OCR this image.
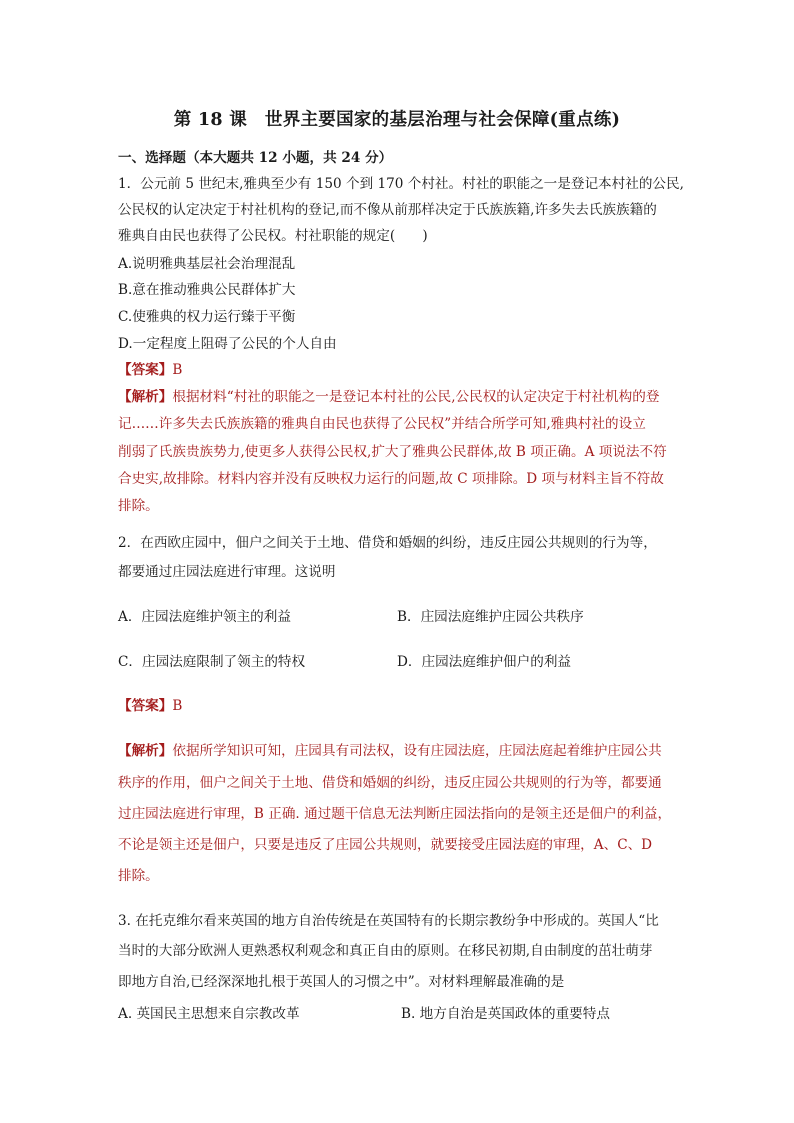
第 18 课　世界主要国家的基层治理与社会保障(重点练)
一、选择题（本大题共 12 小题，共 24 分）
1．公元前 5 世纪末,雅典至少有 150 个到 170 个村社。村社的职能之一是登记本村社的公民,
公民权的认定决定于村社机构的登记,而不像从前那样决定于氏族族籍,许多失去氏族族籍的
雅典自由民也获得了公民权。村社职能的规定(　　)
A.说明雅典基层社会治理混乱
B.意在推动雅典公民群体扩大
C.使雅典的权力运行臻于平衡
D.一定程度上阻碍了公民的个人自由
【答案】B
【解析】根据材料“村社的职能之一是登记本村社的公民,公民权的认定决定于村社机构的登
记……许多失去氏族族籍的雅典自由民也获得了公民权”并结合所学可知,雅典村社的设立
削弱了氏族贵族势力,使更多人获得公民权,扩大了雅典公民群体,故 B 项正确。A 项说法不符
合史实,故排除。材料内容并没有反映权力运行的问题,故 C 项排除。D 项与材料主旨不符故
排除。
2．在西欧庄园中，佃户之间关于土地、借贷和婚姻的纠纷，违反庄园公共规则的行为等，
都要通过庄园法庭进行审理。这说明
A．庄园法庭维护领主的利益	B．庄园法庭维护庄园公共秩序
C．庄园法庭限制了领主的特权	D．庄园法庭维护佃户的利益
【答案】B
【解析】依据所学知识可知，庄园具有司法权，设有庄园法庭，庄园法庭起着维护庄园公共
秩序的作用，佃户之间关于土地、借贷和婚姻的纠纷，违反庄园公共规则的行为等，都要通
过庄园法庭进行审理，B 正确. 通过题干信息无法判断庄园法指向的是领主还是佃户的利益，
不论是领主还是佃户，只要是违反了庄园公共规则，就要接受庄园法庭的审理，A、C、D
排除。
3. 在托克维尔看来英国的地方自治传统是在英国特有的长期宗教纷争中形成的。英国人“比
当时的大部分欧洲人更熟悉权利观念和真正自由的原则。在移民初期,自由制度的茁壮萌芽
即地方自治,已经深深地扎根于英国人的习惯之中”。对材料理解最准确的是
A. 英国民主思想来自宗教改革	B. 地方自治是英国政体的重要特点
